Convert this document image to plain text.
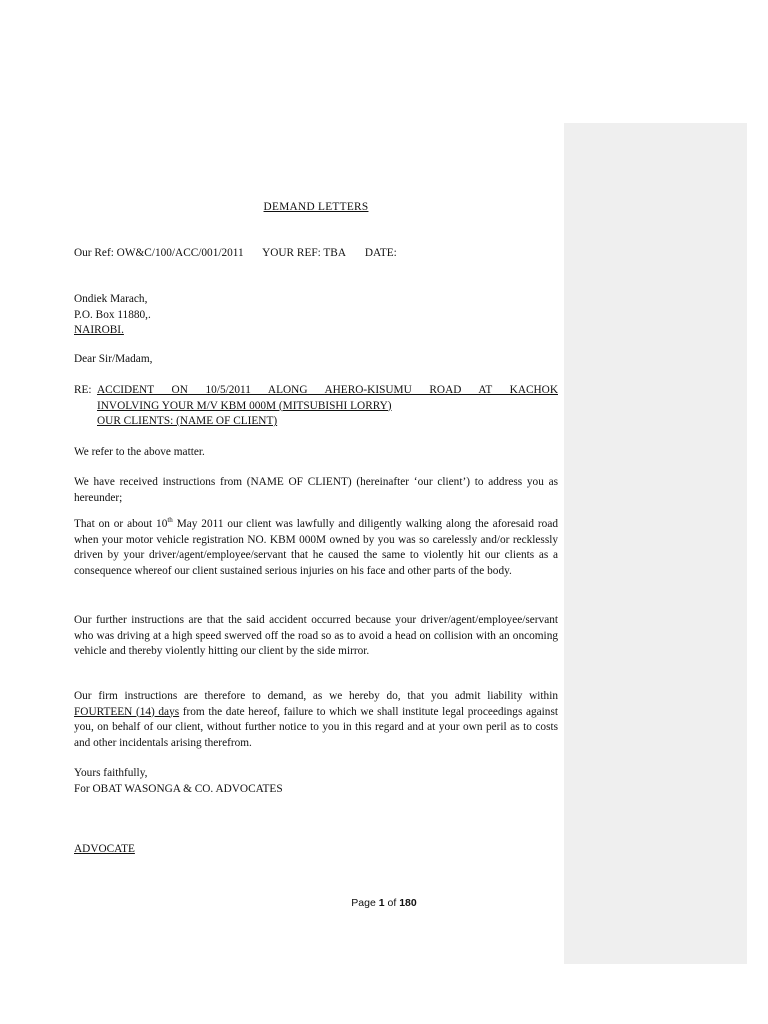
DEMAND LETTERS
Our Ref: OW&C/100/ACC/001/2011 YOUR REF: TBA DATE:
Ondiek Marach,
P.O. Box 11880,.
NAIROBI.
Dear Sir/Madam,
RE: ACCIDENT ON 10/5/2011 ALONG AHERO-KISUMU ROAD AT KACHOK
INVOLVING YOUR M/V KBM 000M (MITSUBISHI LORRY)
OUR CLIENTS: (NAME OF CLIENT)
We refer to the above matter.
We have received instructions from (NAME OF CLIENT) (hereinafter ‘our client’) to address you as hereunder;
That on or about 10th May 2011 our client was lawfully and diligently walking along the aforesaid road when your motor vehicle registration NO. KBM 000M owned by you was so carelessly and/or recklessly driven by your driver/agent/employee/servant that he caused the same to violently hit our clients as a consequence whereof our client sustained serious injuries on his face and other parts of the body.
Our further instructions are that the said accident occurred because your driver/agent/employee/servant who was driving at a high speed swerved off the road so as to avoid a head on collision with an oncoming vehicle and thereby violently hitting our client by the side mirror.
Our firm instructions are therefore to demand, as we hereby do, that you admit liability within FOURTEEN (14) days from the date hereof, failure to which we shall institute legal proceedings against you, on behalf of our client, without further notice to you in this regard and at your own peril as to costs and other incidentals arising therefrom.
Yours faithfully,
For OBAT WASONGA & CO. ADVOCATES
ADVOCATE
Page 1 of 180
